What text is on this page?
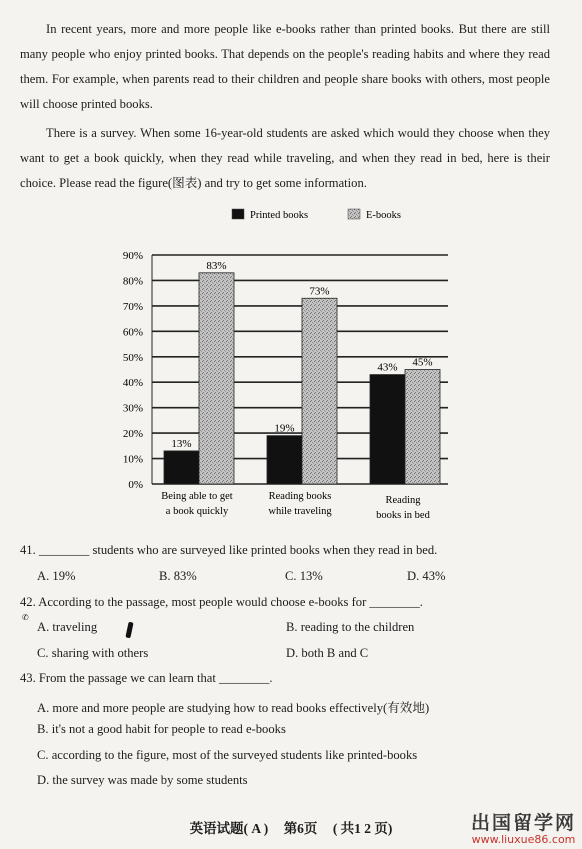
In recent years, more and more people like e-books rather than printed books. But there are still many people who enjoy printed books. That depends on the people's reading habits and where they read them. For example, when parents read to their children and people share books with others, most people will choose printed books.
There is a survey. When some 16-year-old students are asked which would they choose when they want to get a book quickly, when they read while traveling, and when they read in bed, here is their choice. Please read the figure(图表) and try to get some information.
Printed books	E-books
0%
10%
20%
30%
40%
50%
60%
70%
80%
90%
13%
83%
19%
73%
43% 45%
Being able to get
a book quickly
Reading books
while traveling
Reading
books in bed
41. ________ students who are surveyed like printed books when they read in bed.
A. 19%	B. 83%	C. 13%	D. 43%
42. According to the passage, most people would choose e-books for ________.
✆
A. traveling	B. reading to the children
C. sharing with others	D. both B and C
43. From the passage we can learn that ________.
A. more and more people are studying how to read books effectively(有效地)
B. it's not a good habit for people to read e-books
C. according to the figure, most of the surveyed students like printed-books
D. the survey was made by some students
英语试题( A ) 第6页 ( 共1 2 页)	出国留学网
www.liuxue86.com
